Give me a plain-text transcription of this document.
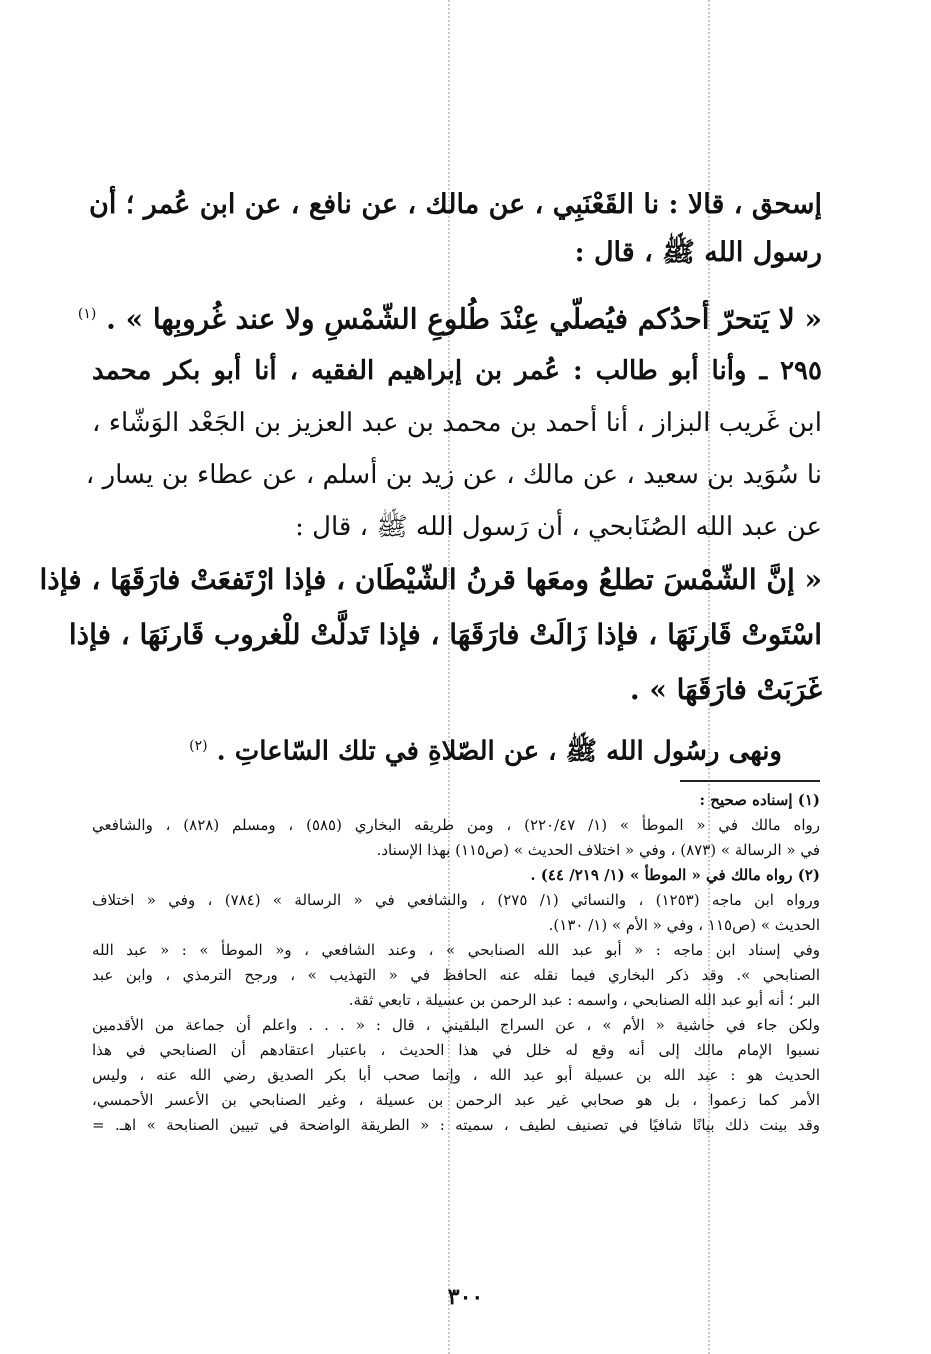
إسحق ، قالا : نا القَعْنَبِي ، عن مالك ، عن نافع ، عن ابن عُمر ؛ أن
رسول الله ﷺ ، قال :
« لا يَتحرّ أحدُكم فيُصلّي عِنْدَ طُلوعِ الشّمْسِ ولا عند غُروبِها » . $^{(١)}$
٢٩٥ ـ وأنا أبو طالب : عُمر بن إبراهيم الفقيه ، أنا أبو بكر محمد
ابن غَريب البزاز ، أنا أحمد بن محمد بن عبد العزيز بن الجَعْد الوَشّاء ،
نا سُوَيد بن سعيد ، عن مالك ، عن زيد بن أسلم ، عن عطاء بن يسار ،
عن عبد الله الصُنَابحي ، أن رَسول الله ﷺ ، قال :
« إنَّ الشّمْسَ تطلعُ ومعَها قرنُ الشّيْطَان ، فإذا ارْتَفعَتْ فارَقَهَا ، فإذا
اسْتَوتْ قَارنَهَا ، فإذا زَالَتْ فارَقَهَا ، فإذا تَدلَّتْ للْغروب قَارنَهَا ، فإذا
غَرَبَتْ فارَقَهَا » .
ونهى رسُول الله ﷺ ، عن الصّلاةِ في تلك السّاعاتِ . $^{(٢)}$
(١) إسناده صحيح :
رواه مالك في « الموطأ » (١/ ٢٢٠/٤٧) ، ومن طريقه البخاري (٥٨٥) ، ومسلم (٨٢٨) ، والشافعي
في « الرسالة » (٨٧٣) ، وفي « اختلاف الحديث » (ص١١٥) بهذا الإسناد.
(٢) رواه مالك في « الموطأ » (١/ ٢١٩/ ٤٤) .
ورواه ابن ماجه (١٢٥٣) ، والنسائي (١/ ٢٧٥) ، والشافعي في « الرسالة » (٧٨٤) ، وفي « اختلاف
الحديث » (ص١١٥ ، وفي « الأم » (١/ ١٣٠).
وفي إسناد ابن ماجه : « أبو عبد الله الصنابحي » ، وعند الشافعي ، و« الموطأ » : « عبد الله
الصنابحي ». وقد ذكر البخاري فيما نقله عنه الحافظ في « التهذيب » ، ورجح الترمذي ، وابن عبد
البر ؛ أنه أبو عبد الله الصنابحي ، واسمه : عبد الرحمن بن عسيلة ، تابعي ثقة.
ولكن جاء في حاشية « الأم » ، عن السراج البلقيني ، قال : « . . . واعلم أن جماعة من الأقدمين
نسبوا الإمام مالك إلى أنه وقع له خلل في هذا الحديث ، باعتبار اعتقادهم أن الصنابحي في هذا
الحديث هو : عبد الله بن عسيلة أبو عبد الله ، وإنما صحب أبا بكر الصديق رضي الله عنه ، وليس
الأمر كما زعموا ، بل هو صحابي غير عبد الرحمن بن عسيلة ، وغير الصنابحي بن الأعسر الأحمسي،
وقد بينت ذلك بيانًا شافيًا في تصنيف لطيف ، سميته : « الطريقة الواضحة في تبيين الصنابحة » اهـ. =
٣٠٠
